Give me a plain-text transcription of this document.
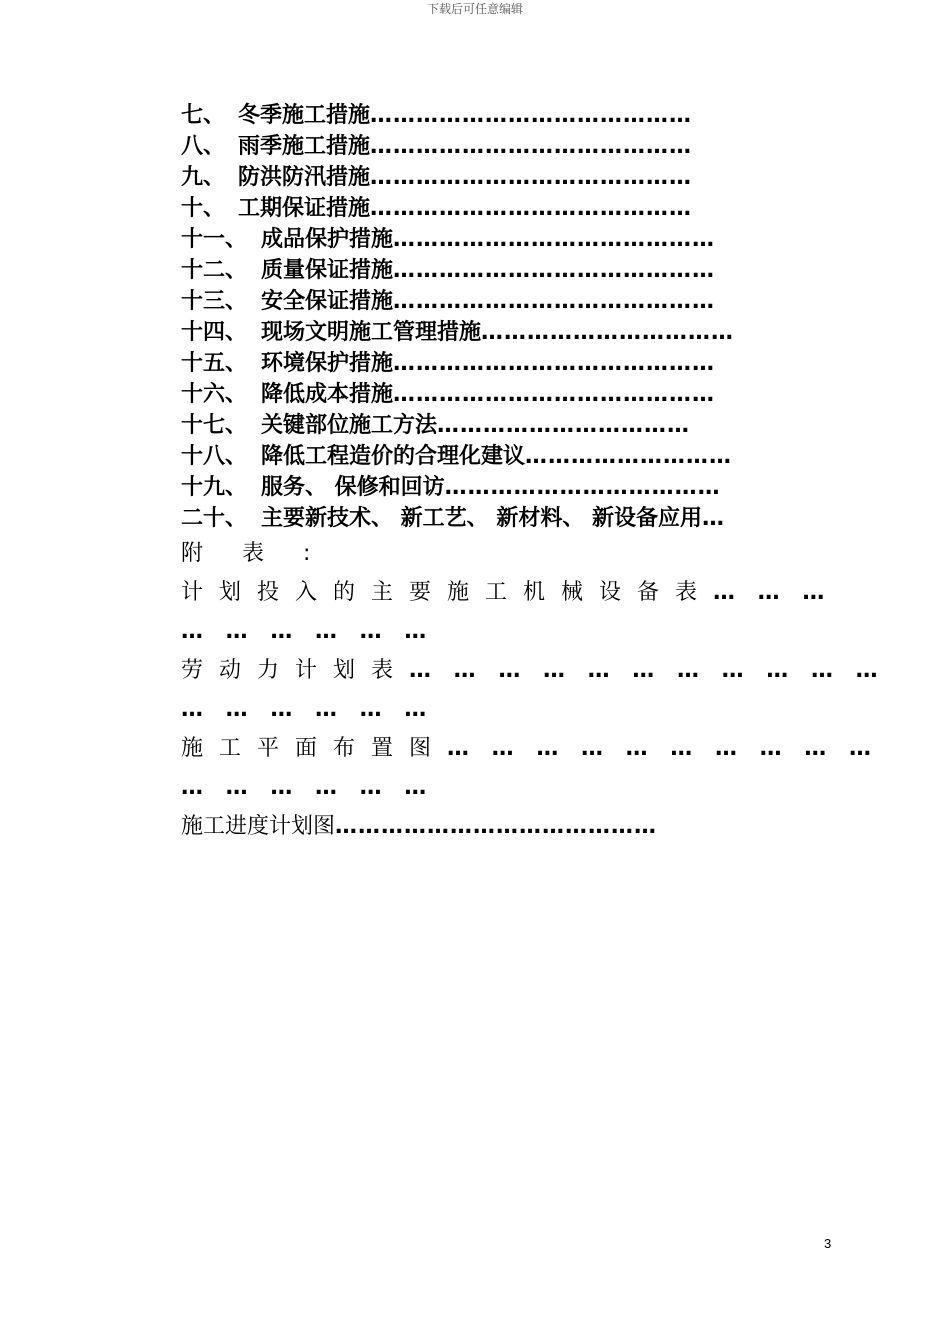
下载后可任意编辑
七、 冬季施工措施……………………………………
八、 雨季施工措施……………………………………
九、 防洪防汛措施……………………………………
十、 工期保证措施……………………………………
十一、 成品保护措施……………………………………
十二、 质量保证措施……………………………………
十三、 安全保证措施……………………………………
十四、 现场文明施工管理措施……………………………
十五、 环境保护措施……………………………………
十六、 降低成本措施……………………………………
十七、 关键部位施工方法……………………………
十八、 降低工程造价的合理化建议………………………
十九、 服务、 保修和回访………………………………
二十、 主要新技术、 新工艺、 新材料、 新设备应用…
附 表 :
计划投入的主要施工机械设备表… … …
… … … … … …
劳动力计划表… … … … … … … … … … …
… … … … … …
施工平面布置图… … … … … … … … … …
… … … … … …
施工进度计划图……………………………………
3
